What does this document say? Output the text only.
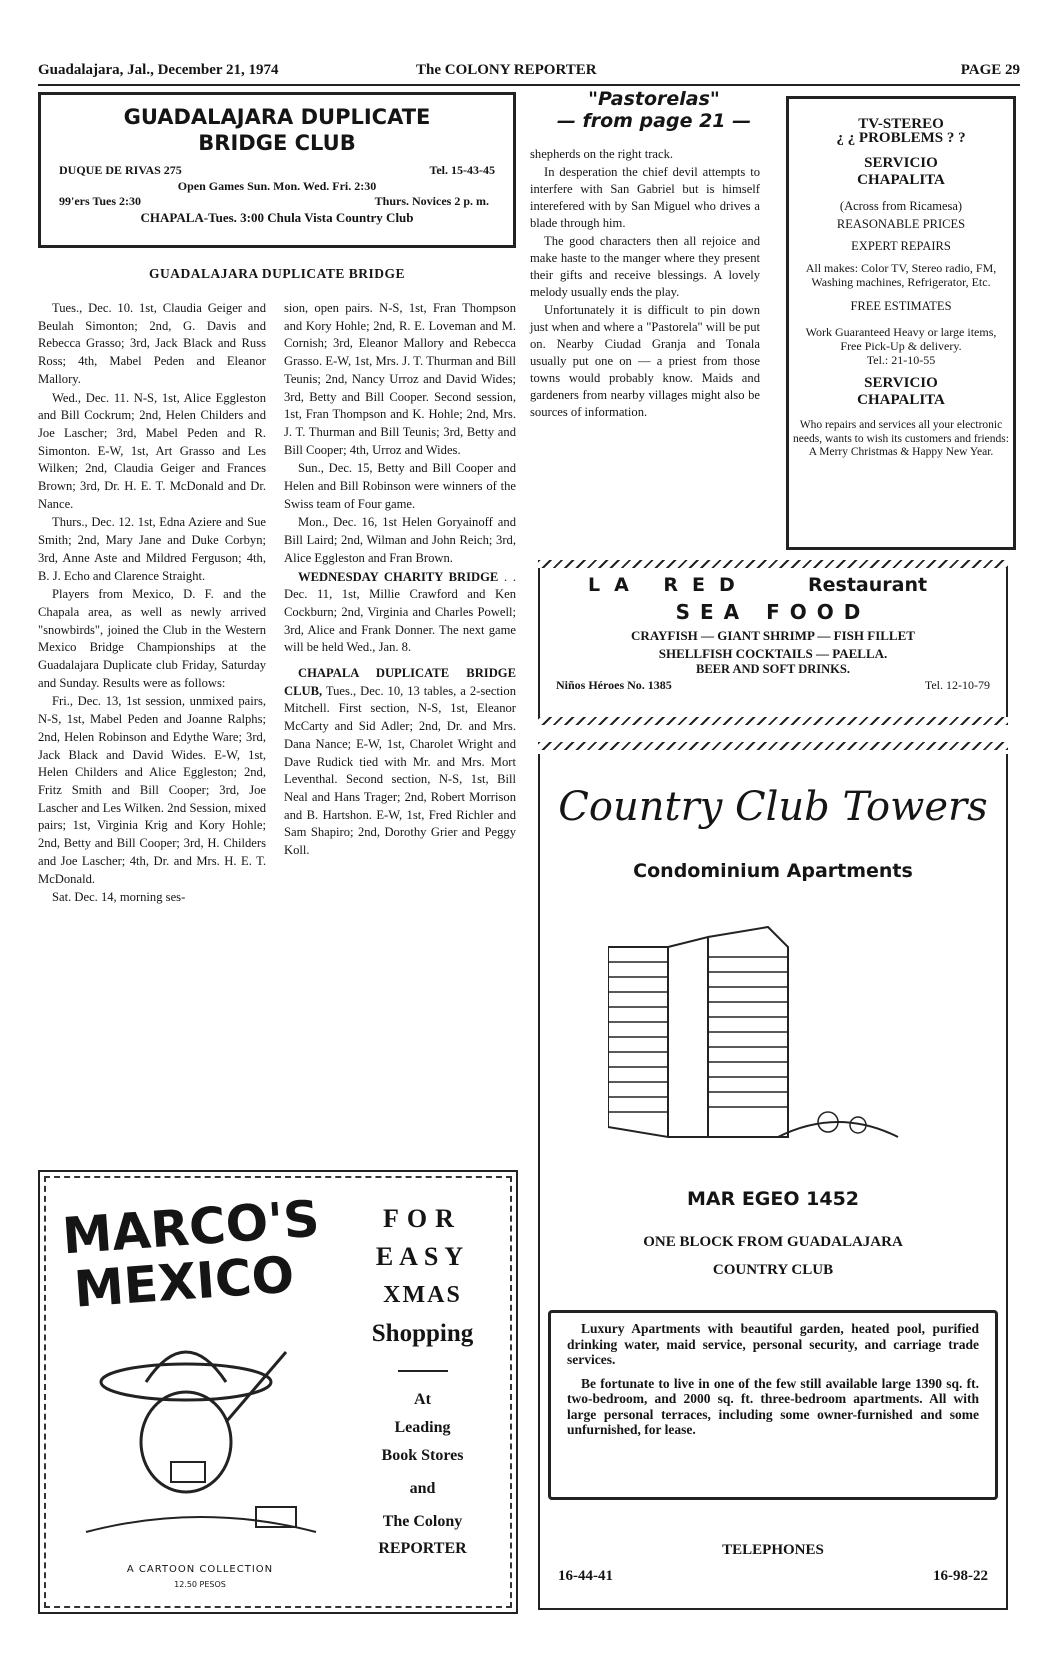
Guadalajara, Jal., December 21, 1974	The COLONY REPORTER	PAGE 29
GUADALAJARA DUPLICATE
BRIDGE CLUB
DUQUE DE RIVAS 275	Tel. 15-43-45
Open Games Sun. Mon. Wed. Fri. 2:30
99'ers Tues 2:30	Thurs. Novices 2 p. m.
CHAPALA-Tues. 3:00 Chula Vista Country Club
GUADALAJARA DUPLICATE BRIDGE

Tues., Dec. 10. 1st, Claudia Geiger and Beulah Simonton; 2nd, G. Davis and Rebecca Grasso; 3rd, Jack Black and Russ Ross; 4th, Mabel Peden and Eleanor Mallory.

Wed., Dec. 11. N-S, 1st, Alice Eggleston and Bill Cockrum; 2nd, Helen Childers and Joe Lascher; 3rd, Mabel Peden and R. Simonton. E-W, 1st, Art Grasso and Les Wilken; 2nd, Claudia Geiger and Frances Brown; 3rd, Dr. H. E. T. McDonald and Dr. Nance.

Thurs., Dec. 12. 1st, Edna Aziere and Sue Smith; 2nd, Mary Jane and Duke Corbyn; 3rd, Anne Aste and Mildred Ferguson; 4th, B. J. Echo and Clarence Straight.

Players from Mexico, D. F. and the Chapala area, as well as newly arrived "snowbirds", joined the Club in the Western Mexico Bridge Championships at the Guadalajara Duplicate club Friday, Saturday and Sunday. Results were as follows:

Fri., Dec. 13, 1st session, unmixed pairs, N-S, 1st, Mabel Peden and Joanne Ralphs; 2nd, Helen Robinson and Edythe Ware; 3rd, Jack Black and David Wides. E-W, 1st, Helen Childers and Alice Eggleston; 2nd, Fritz Smith and Bill Cooper; 3rd, Joe Lascher and Les Wilken. 2nd Session, mixed pairs; 1st, Virginia Krig and Kory Hohle; 2nd, Betty and Bill Cooper; 3rd, H. Childers and Joe Lascher; 4th, Dr. and Mrs. H. E. T. McDonald.

Sat. Dec. 14, morning ses-

sion, open pairs. N-S, 1st, Fran Thompson and Kory Hohle; 2nd, R. E. Loveman and M. Cornish; 3rd, Eleanor Mallory and Rebecca Grasso. E-W, 1st, Mrs. J. T. Thurman and Bill Teunis; 2nd, Nancy Urroz and David Wides; 3rd, Betty and Bill Cooper. Second session, 1st, Fran Thompson and K. Hohle; 2nd, Mrs. J. T. Thurman and Bill Teunis; 3rd, Betty and Bill Cooper; 4th, Urroz and Wides.

Sun., Dec. 15, Betty and Bill Cooper and Helen and Bill Robinson were winners of the Swiss team of Four game.

Mon., Dec. 16, 1st Helen Goryainoff and Bill Laird; 2nd, Wilman and John Reich; 3rd, Alice Eggleston and Fran Brown.

WEDNESDAY CHARITY BRIDGE . . Dec. 11, 1st, Millie Crawford and Ken Cockburn; 2nd, Virginia and Charles Powell; 3rd, Alice and Frank Donner. The next game will be held Wed., Jan. 8.

CHAPALA DUPLICATE BRIDGE CLUB, Tues., Dec. 10, 13 tables, a 2-section Mitchell. First section, N-S, 1st, Eleanor McCarty and Sid Adler; 2nd, Dr. and Mrs. Dana Nance; E-W, 1st, Charolet Wright and Dave Rudick tied with Mr. and Mrs. Mort Leventhal. Second section, N-S, 1st, Bill Neal and Hans Trager; 2nd, Robert Morrison and B. Hartshon. E-W, 1st, Fred Richler and Sam Shapiro; 2nd, Dorothy Grier and Peggy Koll.

"Pastorelas"
— from page 21 —

shepherds on the right track.

In desperation the chief devil attempts to interfere with San Gabriel but is himself interefered with by San Miguel who drives a blade through him.

The good characters then all rejoice and make haste to the manger where they present their gifts and receive blessings. A lovely melody usually ends the play.

Unfortunately it is difficult to pin down just when and where a "Pastorela" will be put on. Nearby Ciudad Granja and Tonala usually put one on — a priest from those towns would probably know. Maids and gardeners from nearby villages might also be sources of information.

TV-STEREO
¿ ¿ PROBLEMS ? ?
SERVICIO CHAPALITA
(Across from Ricamesa)
REASONABLE PRICES
EXPERT REPAIRS
All makes: Color TV, Stereo radio, FM, Washing machines, Refrigerator, Etc.
FREE ESTIMATES
Work Guaranteed Heavy or large items, Free Pick-Up & delivery.
Tel.: 21-10-55
SERVICIO CHAPALITA
Who repairs and services all your electronic needs, wants to wish its customers and friends: A Merry Christmas & Happy New Year.
LA RED	Restaurant
SEA FOOD
CRAYFISH — GIANT SHRIMP — FISH FILLET
SHELLFISH COCKTAILS — PAELLA.
BEER AND SOFT DRINKS.
Niños Héroes No. 1385	Tel. 12-10-79
MARCO'S
MEXICO
A CARTOON COLLECTION
12.50 PESOS
FOR
EASY
XMAS
Shopping
At
Leading
Book Stores
and
The Colony
REPORTER
Country Club Towers
Condominium Apartments
MAR EGEO 1452
ONE BLOCK FROM GUADALAJARA
COUNTRY CLUB

Luxury Apartments with beautiful garden, heated pool, purified drinking water, maid service, personal security, and carriage trade services.

Be fortunate to live in one of the few still available large 1390 sq. ft. two-bedroom, and 2000 sq. ft. three-bedroom apartments. All with large personal terraces, including some owner-furnished and some unfurnished, for lease.

TELEPHONES
16-44-41	16-98-22
